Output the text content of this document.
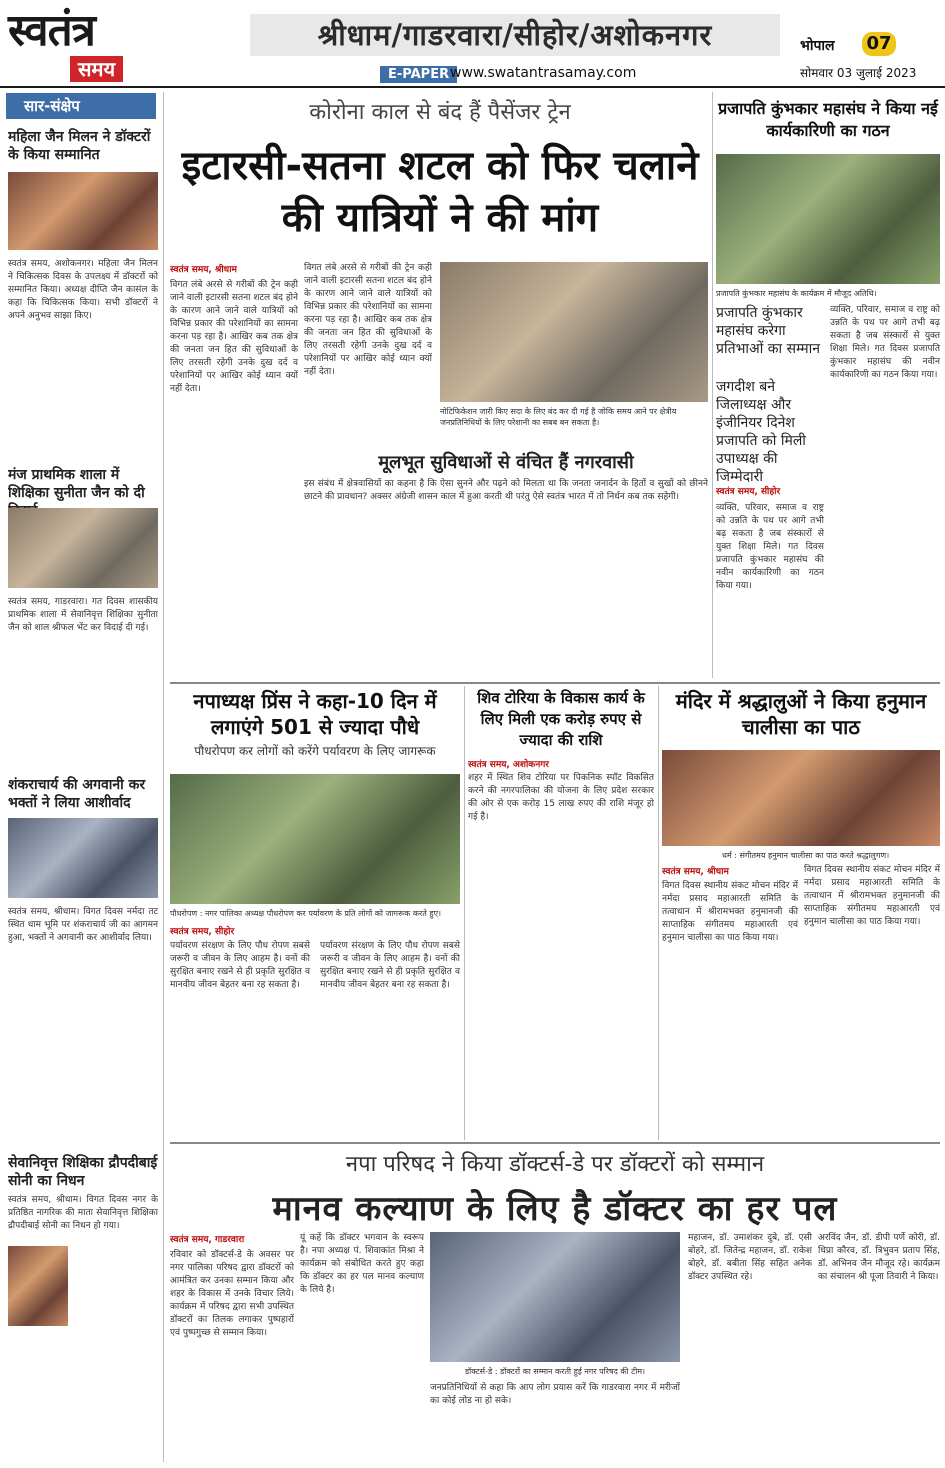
स्वतंत्र
समय
श्रीधाम/गाडरवारा/सीहोर/अशोकनगर
E-PAPER www.swatantrasamay.com
भोपाल 07
सोमवार 03 जुलाई 2023
सार-संक्षेप
महिला जैन मिलन ने डॉक्टरों के किया सम्मानित
स्वतंत्र समय, अशोकनगर। महिला जैन मिलन ने चिकित्सक दिवस के उपलक्ष्य में डॉक्टरों को सम्मानित किया। अध्यक्ष दीप्ति जैन कासंल के कहा कि चिकित्सक किया। सभी डॉक्टरों ने अपने अनुभव साझा किए।
मंज प्राथमिक शाला में शिक्षिका सुनीता जैन को दी
स्वतंत्र समय, गाडरवारा। गत दिवस शासकीय प्राथमिक शाला में सेवानिवृत्त शिक्षिका सुनीता जैन को शाल श्रीफल भेंट कर विदाई दी गई।
शंकराचार्य की अगवानी कर भक्तों ने लिया आशीर्वाद
स्वतंत्र समय, श्रीधाम। विगत दिवस नर्मदा तट स्थित धाम भूमि पर शंकराचार्य जी का आगमन हुआ, भक्तों ने अगवानी कर आशीर्वाद लिया।
सेवानिवृत्त शिक्षिका द्रौपदीबाई सोनी का निधन
स्वतंत्र समय, श्रीधाम। विगत दिवस नगर के प्रतिष्ठित नागरिक की माता सेवानिवृत्त शिक्षिका द्रौपदीबाई सोनी का निधन हो गया।
कोरोना काल से बंद हैं पैसेंजर ट्रेन
इटारसी-सतना शटल को फिर चलाने की यात्रियों ने की मांग
स्वतंत्र समय, श्रीधाम
विगत लंबे अरसे से गरीबों की ट्रेन कही जाने वाली इटारसी सतना शटल बंद होने के कारण आने जाने वाले यात्रियों को विभिन्न प्रकार की परेशानियों का सामना करना पड़ रहा है। आखिर कब तक क्षेत्र की जनता जन हित की सुविधाओं के लिए तरसती रहेगी उनके दुख दर्द व परेशानियों पर आखिर कोई ध्यान क्यों नहीं देता।
विगत लंबे अरसे से गरीबों की ट्रेन कही जाने वाली इटारसी सतना शटल बंद होने के कारण आने जाने वाले यात्रियों को विभिन्न प्रकार की परेशानियों का सामना करना पड़ रहा है। आखिर कब तक क्षेत्र की जनता जन हित की सुविधाओं के लिए तरसती रहेगी उनके दुख दर्द व परेशानियों पर आखिर कोई ध्यान क्यों नहीं देता।
नोटिफिकेशन जारी किए सदा के लिए बंद कर दी गई है जोकि समय आने पर क्षेत्रीय जनप्रतिनिधियों के लिए परेशानी का सबब बन सकता है।
मूलभूत सुविधाओं से वंचित हैं नगरवासी
इस संबंध में क्षेत्रवासियों का कहना है कि ऐसा सुनने और पढ़ने को मिलता था कि जनता जनार्दन के हितों व सुखों को छीनने छाटने की प्रावधान? अक्सर अंग्रेजी शासन काल में हुआ करती थी परंतु ऐसे स्वतंत्र भारत में तो निर्धन कब तक सहेगी।
प्रजापति कुंभकार महासंघ ने किया नई कार्यकारिणी का गठन
प्रजापति कुंभकार महासंघ के कार्यक्रम में मौजूद अतिथि।
प्रजापति कुंभकार महासंघ करेगा प्रतिभाओं का सम्मान
जगदीश बने जिलाध्यक्ष और इंजीनियर दिनेश प्रजापति को मिली उपाध्यक्ष की जिम्मेदारी
स्वतंत्र समय, सीहोर
व्यक्ति, परिवार, समाज व राष्ट्र को उन्नति के पथ पर आगे तभी बढ़ सकता है जब संस्कारों से युक्त शिक्षा मिले। गत दिवस प्रजापति कुंभकार महासंघ की नवीन कार्यकारिणी का गठन किया गया।
व्यक्ति, परिवार, समाज व राष्ट्र को उन्नति के पथ पर आगे तभी बढ़ सकता है जब संस्कारों से युक्त शिक्षा मिले। गत दिवस प्रजापति कुंभकार महासंघ की नवीन कार्यकारिणी का गठन किया गया।
नपाध्यक्ष प्रिंस ने कहा-10 दिन में लगाएंगे 501 से ज्यादा पौधे
पौधरोपण कर लोगों को करेंगे पर्यावरण के लिए जागरूक
पौधरोपण : नगर पालिका अध्यक्ष पौधरोपण कर पर्यावरण के प्रति लोगों को जागरूक करते हुए।
स्वतंत्र समय, सीहोर
पर्यावरण संरक्षण के लिए पौध रोपण सबसे जरूरी व जीवन के लिए आहम है। वनों की सुरक्षित बनाए रखने से ही प्रकृति सुरक्षित व मानवीय जीवन बेहतर बना रह सकता है।
पर्यावरण संरक्षण के लिए पौध रोपण सबसे जरूरी व जीवन के लिए आहम है। वनों की सुरक्षित बनाए रखने से ही प्रकृति सुरक्षित व मानवीय जीवन बेहतर बना रह सकता है।
शिव टोरिया के विकास कार्य के लिए मिली एक करोड़ रुपए से ज्यादा की राशि
स्वतंत्र समय, अशोकनगर
शहर में स्थित शिव टोरिया पर पिकनिक स्पॉट विकसित करने की नगरपालिका की योजना के लिए प्रदेश सरकार की ओर से एक करोड़ 15 लाख रुपए की राशि मंजूर हो गई है।
मंदिर में श्रद्धालुओं ने किया हनुमान चालीसा का पाठ
धर्म : संगीतमय हनुमान चालीसा का पाठ करते श्रद्धालुगण।
स्वतंत्र समय, श्रीधाम
विगत दिवस स्थानीय संकट मोचन मंदिर में नर्मदा प्रसाद महाआरती समिति के तत्वाधान में श्रीरामभक्त हनुमानजी की साप्ताहिक संगीतमय महाआरती एवं हनुमान चालीसा का पाठ किया गया।
विगत दिवस स्थानीय संकट मोचन मंदिर में नर्मदा प्रसाद महाआरती समिति के तत्वाधान में श्रीरामभक्त हनुमानजी की साप्ताहिक संगीतमय महाआरती एवं हनुमान चालीसा का पाठ किया गया।
नपा परिषद ने किया डॉक्टर्स-डे पर डॉक्टरों को सम्मान
मानव कल्याण के लिए है डॉक्टर का हर पल
स्वतंत्र समय, गाडरवारा
रविवार को डॉक्टर्स-डे के अवसर पर नगर पालिका परिषद द्वारा डॉक्टरों को आमंत्रित कर उनका सम्मान किया और शहर के विकास में उनके विचार लिये। कार्यक्रम में परिषद द्वारा सभी उपस्थित डॉक्टरों का तिलक लगाकर पुष्पहारों एवं पुष्पगुच्छ से सम्मान किया।
यूं कहें कि डॉक्टर भगवान के स्वरूप है। नपा अध्यक्ष पं. शिवाकांत मिश्रा ने कार्यक्रम को संबोधित करते हुए कहा कि डॉक्टर का हर पल मानव कल्याण के लिये है।
डॉक्टर्स-डे : डॉक्टरों का सम्मान करती हुई नगर परिषद की टीम।
जनप्रतिनिधियों से कहा कि आप लोग प्रयास करें कि गाडरवारा नगर में मरीजों का कोई लोड ना हो सके।
महाजन, डॉ. उमाशंकर दुबे, डॉ. एसी बोहरे, डॉ. जितेन्द्र महाजन, डॉ. राकेश बोहरे, डॉ. बबीता सिंह सहित अनेक डॉक्टर उपस्थित रहे।
अरविंद जैन, डॉ. डीपी पर्णे कोरी, डॉ. धिप्रा कौरव, डॉ. त्रिभुवन प्रताप सिंह, डॉ. अभिनव जैन मौजूद रहे। कार्यक्रम का संचालन श्री पूजा तिवारी ने किया।
